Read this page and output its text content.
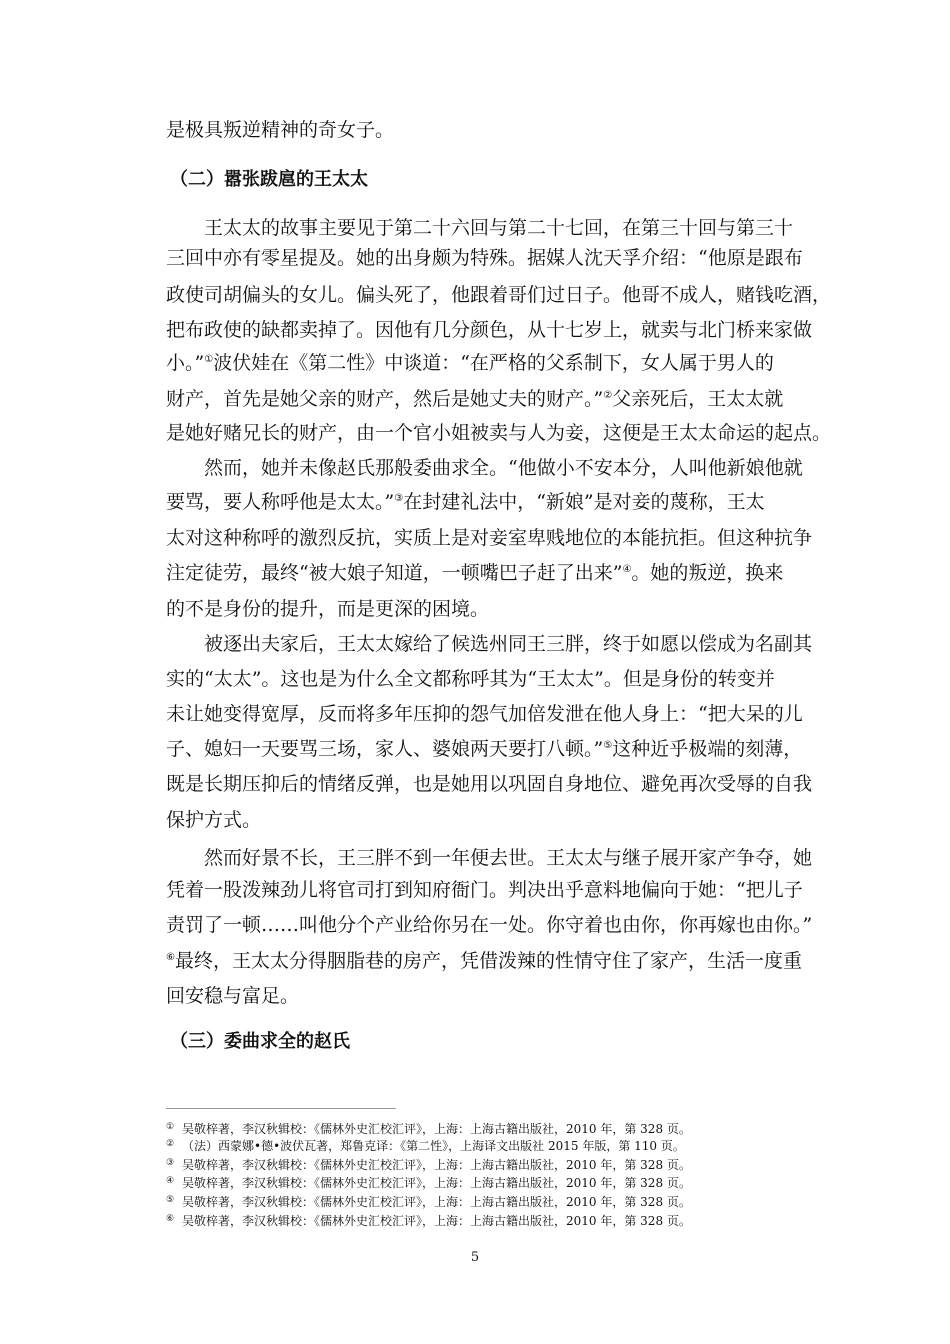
是极具叛逆精神的奇女子。
（二）嚣张跋扈的王太太
王太太的故事主要见于第二十六回与第二十七回，在第三十回与第三十
三回中亦有零星提及。她的出身颇为特殊。据媒人沈天孚介绍：“他原是跟布
政使司胡偏头的女儿。偏头死了，他跟着哥们过日子。他哥不成人，赌钱吃酒，
把布政使的缺都卖掉了。因他有几分颜色，从十七岁上，就卖与北门桥来家做
小。”①波伏娃在《第二性》中谈道：“在严格的父系制下，女人属于男人的
财产，首先是她父亲的财产，然后是她丈夫的财产。”②父亲死后，王太太就
是她好赌兄长的财产，由一个官小姐被卖与人为妾，这便是王太太命运的起点。
然而，她并未像赵氏那般委曲求全。“他做小不安本分，人叫他新娘他就
要骂，要人称呼他是太太。”③在封建礼法中，“新娘”是对妾的蔑称，王太
太对这种称呼的激烈反抗，实质上是对妾室卑贱地位的本能抗拒。但这种抗争
注定徒劳，最终“被大娘子知道，一顿嘴巴子赶了出来”④。她的叛逆，换来
的不是身份的提升，而是更深的困境。
被逐出夫家后，王太太嫁给了候选州同王三胖，终于如愿以偿成为名副其
实的“太太”。这也是为什么全文都称呼其为“王太太”。但是身份的转变并
未让她变得宽厚，反而将多年压抑的怨气加倍发泄在他人身上：“把大呆的儿
子、媳妇一天要骂三场，家人、婆娘两天要打八顿。”⑤这种近乎极端的刻薄，
既是长期压抑后的情绪反弹，也是她用以巩固自身地位、避免再次受辱的自我
保护方式。
然而好景不长，王三胖不到一年便去世。王太太与继子展开家产争夺，她
凭着一股泼辣劲儿将官司打到知府衙门。判决出乎意料地偏向于她：“把儿子
责罚了一顿……叫他分个产业给你另在一处。你守着也由你，你再嫁也由你。”
⑥最终，王太太分得胭脂巷的房产，凭借泼辣的性情守住了家产，生活一度重
回安稳与富足。
（三）委曲求全的赵氏
① 吴敬梓著，李汉秋辑校：《儒林外史汇校汇评》，上海：上海古籍出版社，2010 年，第 328 页。
② （法）西蒙娜•德•波伏瓦著，郑鲁克译：《第二性》，上海译文出版社 2015 年版，第 110 页。
③ 吴敬梓著，李汉秋辑校：《儒林外史汇校汇评》，上海：上海古籍出版社，2010 年，第 328 页。
④ 吴敬梓著，李汉秋辑校：《儒林外史汇校汇评》，上海：上海古籍出版社，2010 年，第 328 页。
⑤ 吴敬梓著，李汉秋辑校：《儒林外史汇校汇评》，上海：上海古籍出版社，2010 年，第 328 页。
⑥ 吴敬梓著，李汉秋辑校：《儒林外史汇校汇评》，上海：上海古籍出版社，2010 年，第 328 页。
5
